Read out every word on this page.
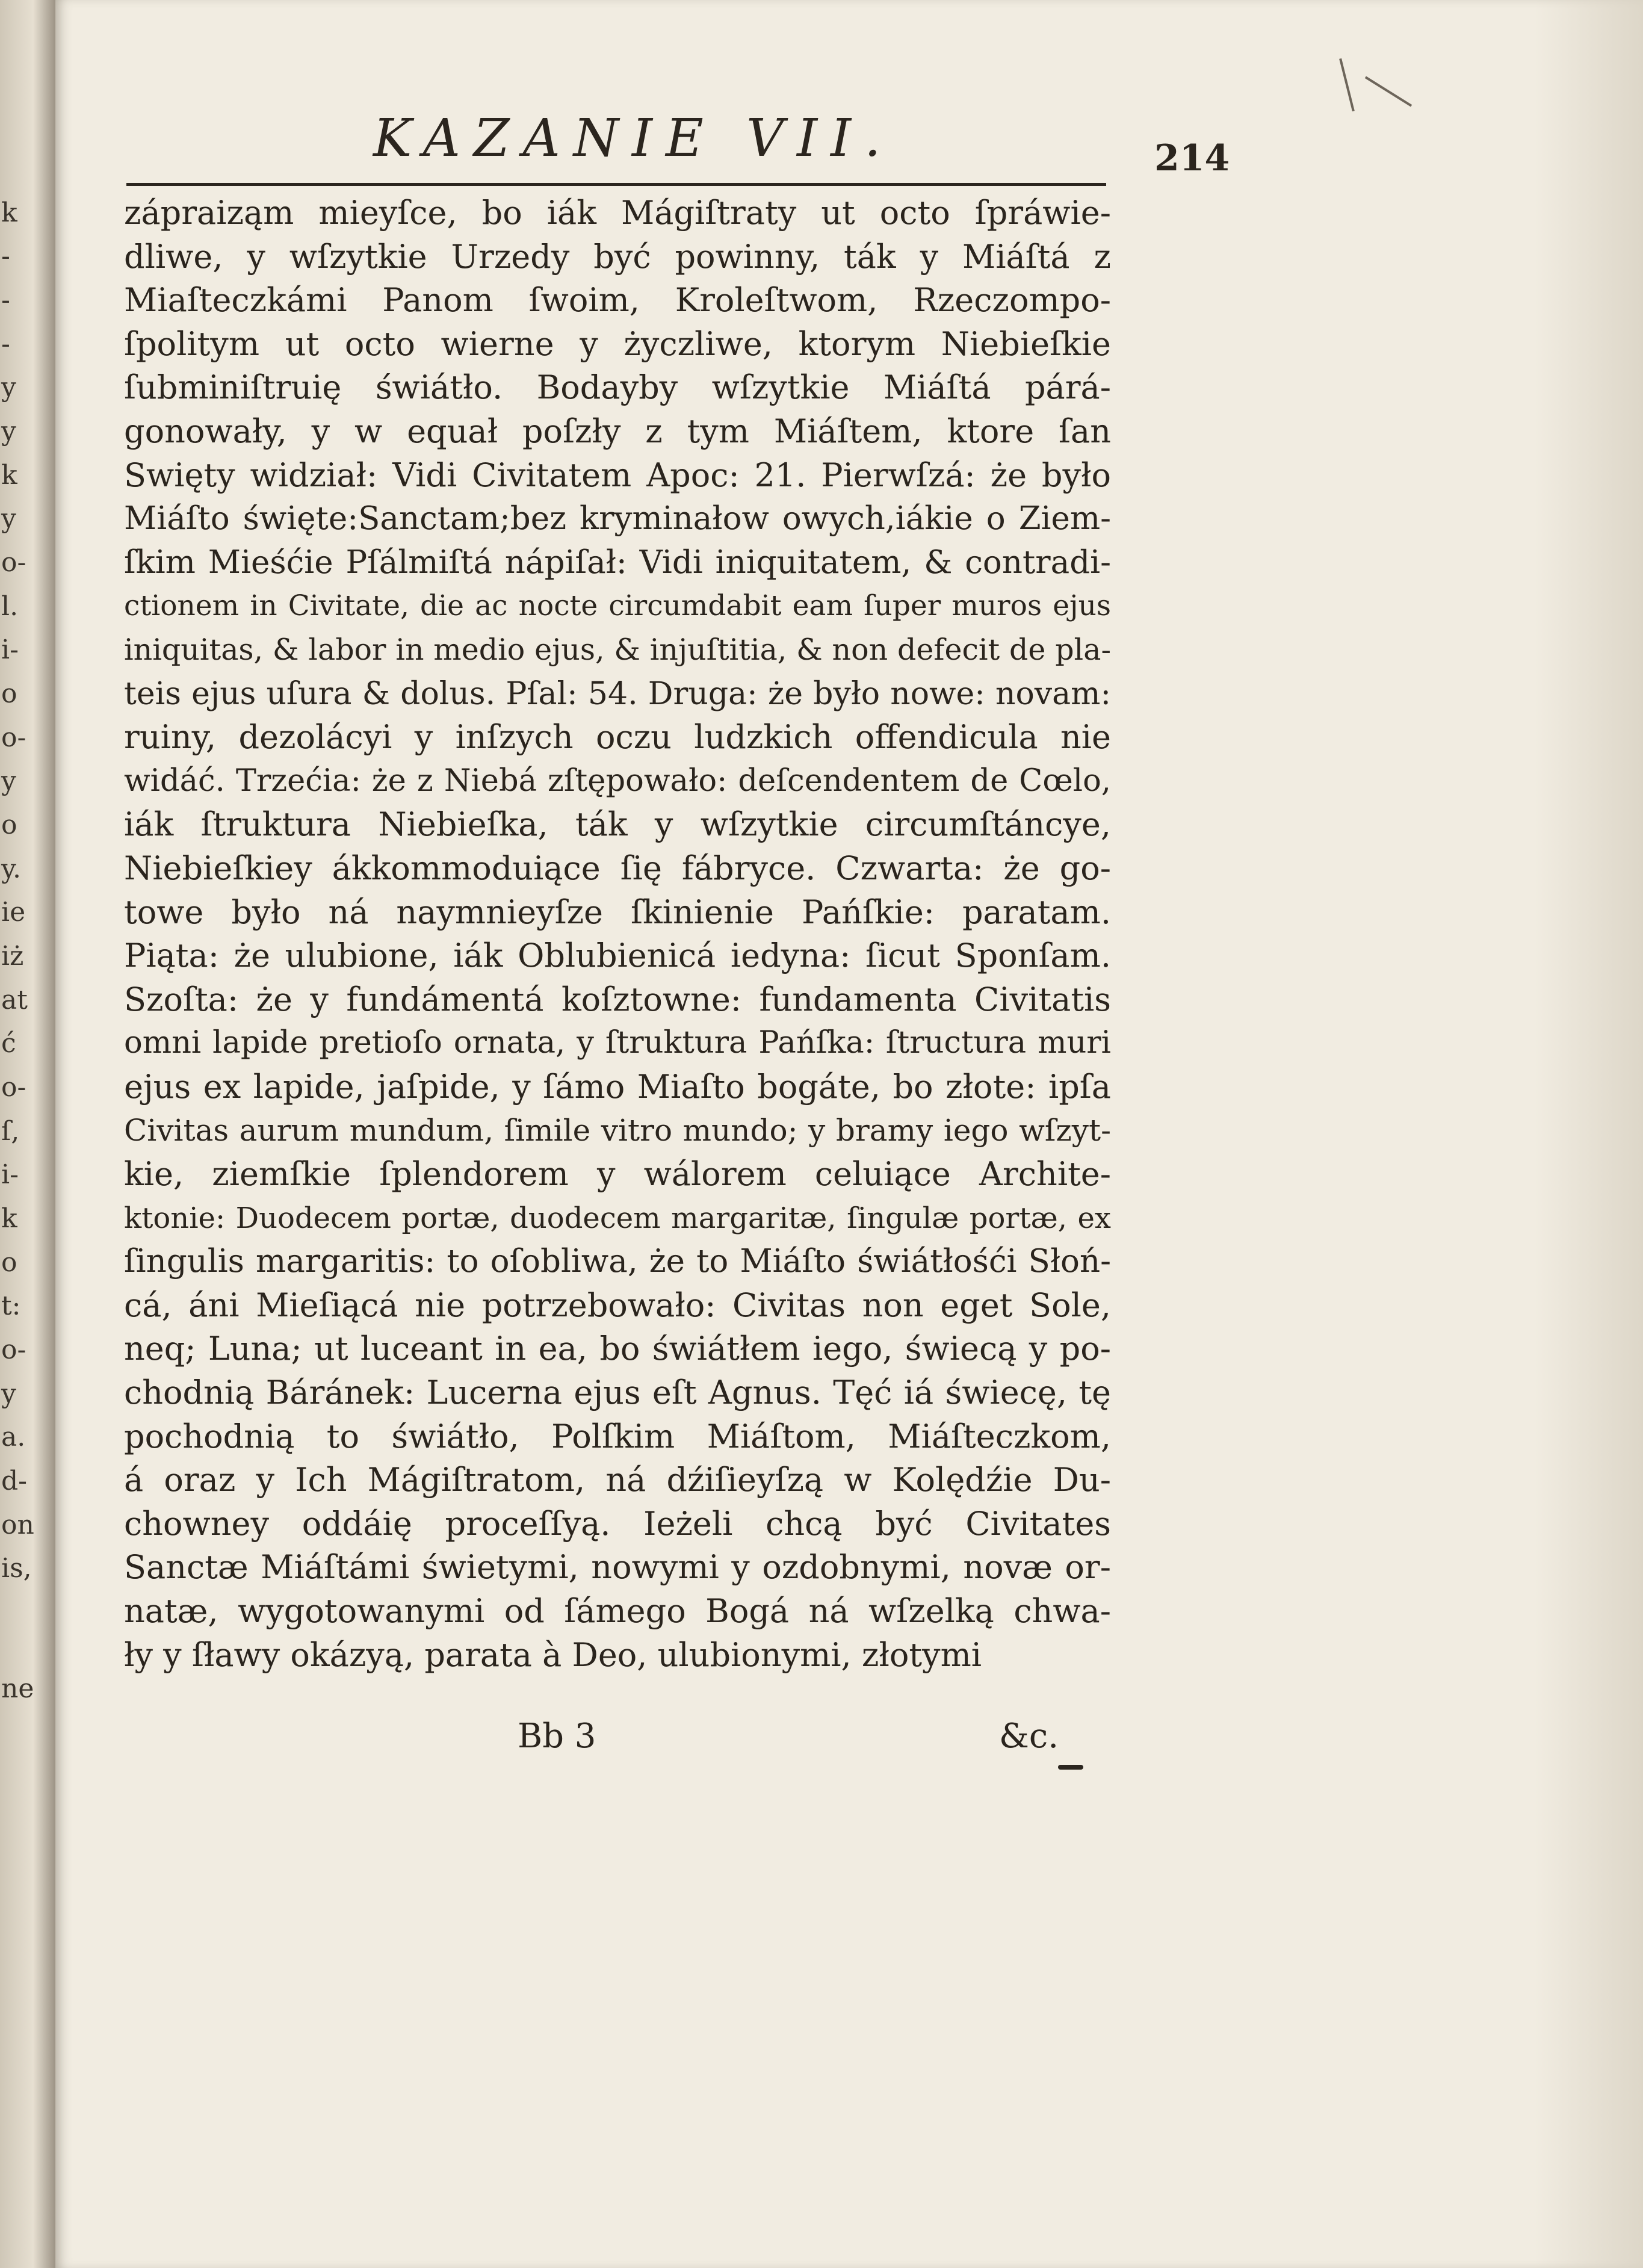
k
-
-
-
y
y
k
y
o-
l.
i-
o
o-
y
o
y.
ie
iż
at
ć
o-
ſ,
i-
k
o
t:
o-
y
a.
d-
on
is,
ne
KAZANIE VII.	214
zápraiząm mieyſce, bo iák Mágiſtraty ut octo ſpráwie-
dliwe, y wſzytkie Urzedy być powinny, ták y Miáſtá z
Miaſteczkámi Panom ſwoim, Kroleſtwom, Rzeczompo-
ſpolitym ut octo wierne y życzliwe, ktorym Niebieſkie
ſubminiſtruię świátło. Bodayby wſzytkie Miáſtá párá-
gonowały, y w equał poſzły z tym Miáſtem, ktore ſan
Swięty widział: Vidi Civitatem Apoc: 21. Pierwſzá: że było
Miáſto święte:Sanctam;bez kryminałow owych,iákie o Ziem-
ſkim Mieśćie Pſálmiſtá nápiſał: Vidi iniquitatem, & contradi-
ctionem in Civitate, die ac nocte circumdabit eam ſuper muros ejus
iniquitas, & labor in medio ejus, & injuſtitia, & non defecit de pla-
teis ejus uſura & dolus. Pſal: 54. Druga: że było nowe: novam:
ruiny, dezolácyi y inſzych oczu ludzkich offendicula nie
widáć. Trzećia: że z Niebá zſtępowało: deſcendentem de Cœlo,
iák ſtruktura Niebieſka, ták y wſzytkie circumſtáncye,
Niebieſkiey ákkommoduiące ſię fábryce. Czwarta: że go-
towe było ná naymnieyſze ſkinienie Pańſkie: paratam.
Piąta: że ulubione, iák Oblubienicá iedyna: ſicut Sponſam.
Szoſta: że y fundámentá koſztowne: fundamenta Civitatis
omni lapide pretioſo ornata, y ſtruktura Pańſka: ſtructura muri
ejus ex lapide, jaſpide, y ſámo Miaſto bogáte, bo złote: ipſa
Civitas aurum mundum, ſimile vitro mundo; y bramy iego wſzyt-
kie, ziemſkie ſplendorem y wálorem celuiące Archite-
ktonie: Duodecem portæ, duodecem margaritæ, ſingulæ portæ, ex
ſingulis margaritis: to oſobliwa, że to Miáſto świátłośći Słoń-
cá, áni Mieſiącá nie potrzebowało: Civitas non eget Sole,
neq; Luna; ut luceant in ea, bo świátłem iego, świecą y po-
chodnią Báránek: Lucerna ejus eſt Agnus. Tęć iá świecę, tę
pochodnią to świátło, Polſkim Miáſtom, Miáſteczkom,
á oraz y Ich Mágiſtratom, ná dźiſieyſzą w Kolędźie Du-
chowney oddáię proceſſyą. Ieżeli chcą być Civitates
Sanctæ Miáſtámi świetymi, nowymi y ozdobnymi, novæ or-
natæ, wygotowanymi od ſámego Bogá ná wſzelką chwa-
ły y ſławy okázyą, parata à Deo, ulubionymi, złotymi
Bb 3	&c.
